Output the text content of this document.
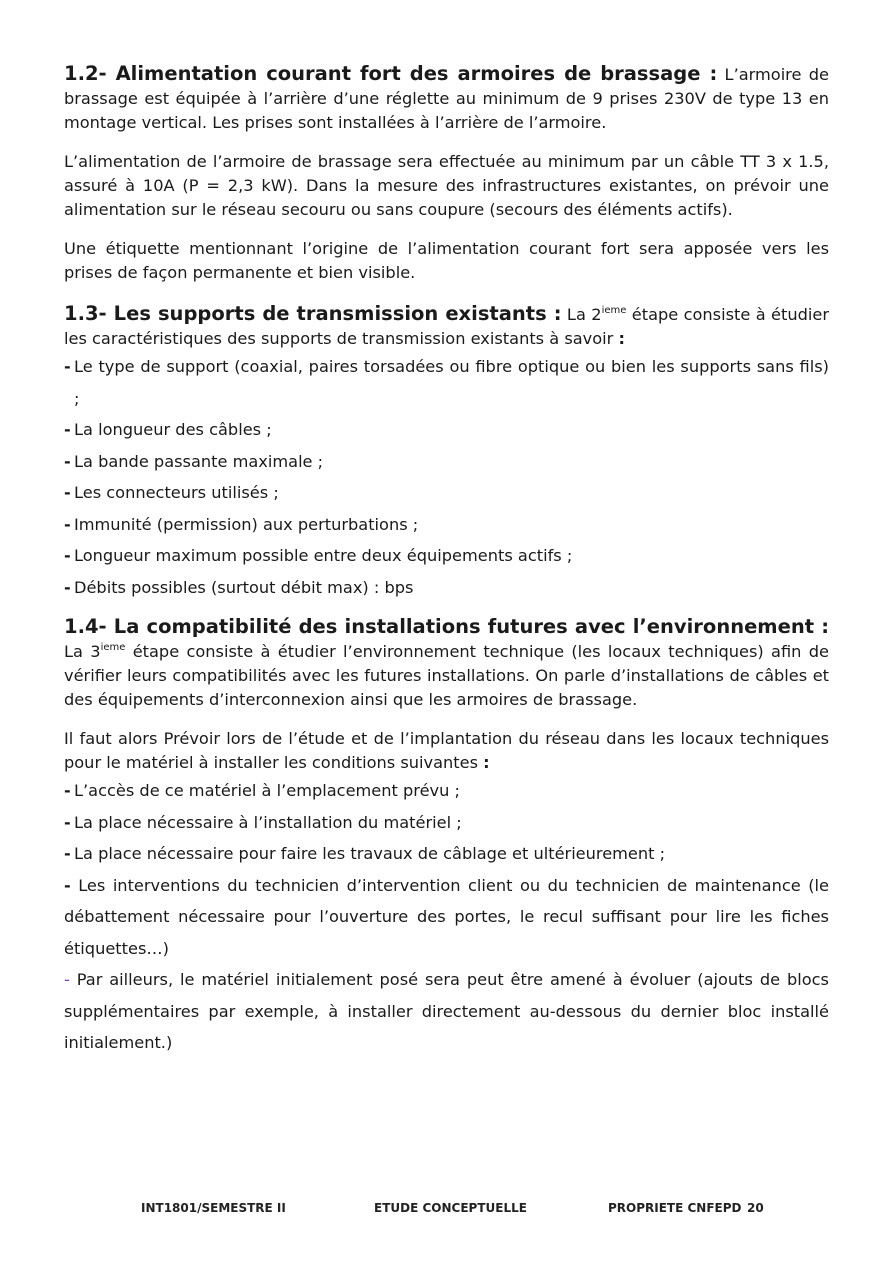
1.2- Alimentation courant fort des armoires de brassage : L’armoire de brassage est équipée à l’arrière d’une réglette au minimum de 9 prises 230V de type 13 en montage vertical. Les prises sont installées à l’arrière de l’armoire.

L’alimentation de l’armoire de brassage sera effectuée au minimum par un câble TT 3 x 1.5, assuré à 10A (P = 2,3 kW). Dans la mesure des infrastructures existantes, on prévoir une alimentation sur le réseau secouru ou sans coupure (secours des éléments actifs).

Une étiquette mentionnant l’origine de l’alimentation courant fort sera apposée vers les prises de façon permanente et bien visible.

1.3- Les supports de transmission existants : La 2ieme étape consiste à étudier les caractéristiques des supports de transmission existants à savoir :

- Le type de support (coaxial, paires torsadées ou fibre optique ou bien les supports sans fils) ;
- La longueur des câbles ;
- La bande passante maximale ;
- Les connecteurs utilisés ;
- Immunité (permission) aux perturbations ;
- Longueur maximum possible entre deux équipements actifs ;
- Débits possibles (surtout débit max) : bps

1.4- La compatibilité des installations futures avec l’environnement : La 3ieme étape consiste à étudier l’environnement technique (les locaux techniques) afin de vérifier leurs compatibilités avec les futures installations. On parle d’installations de câbles et des équipements d’interconnexion ainsi que les armoires de brassage.

Il faut alors Prévoir lors de l’étude et de l’implantation du réseau dans les locaux techniques pour le matériel à installer les conditions suivantes :

- L’accès de ce matériel à l’emplacement prévu ;
- La place nécessaire à l’installation du matériel ;
- La place nécessaire pour faire les travaux de câblage et ultérieurement ;
- Les interventions du technicien d’intervention client ou du technicien de maintenance (le débattement nécessaire pour l’ouverture des portes, le recul suffisant pour lire les fiches étiquettes…)
- Par ailleurs, le matériel initialement posé sera peut être amené à évoluer (ajouts de blocs supplémentaires par exemple, à installer directement au-dessous du dernier bloc installé initialement.)
INT1801/SEMESTRE II	ETUDE CONCEPTUELLE	PROPRIETE CNFEPD 20
